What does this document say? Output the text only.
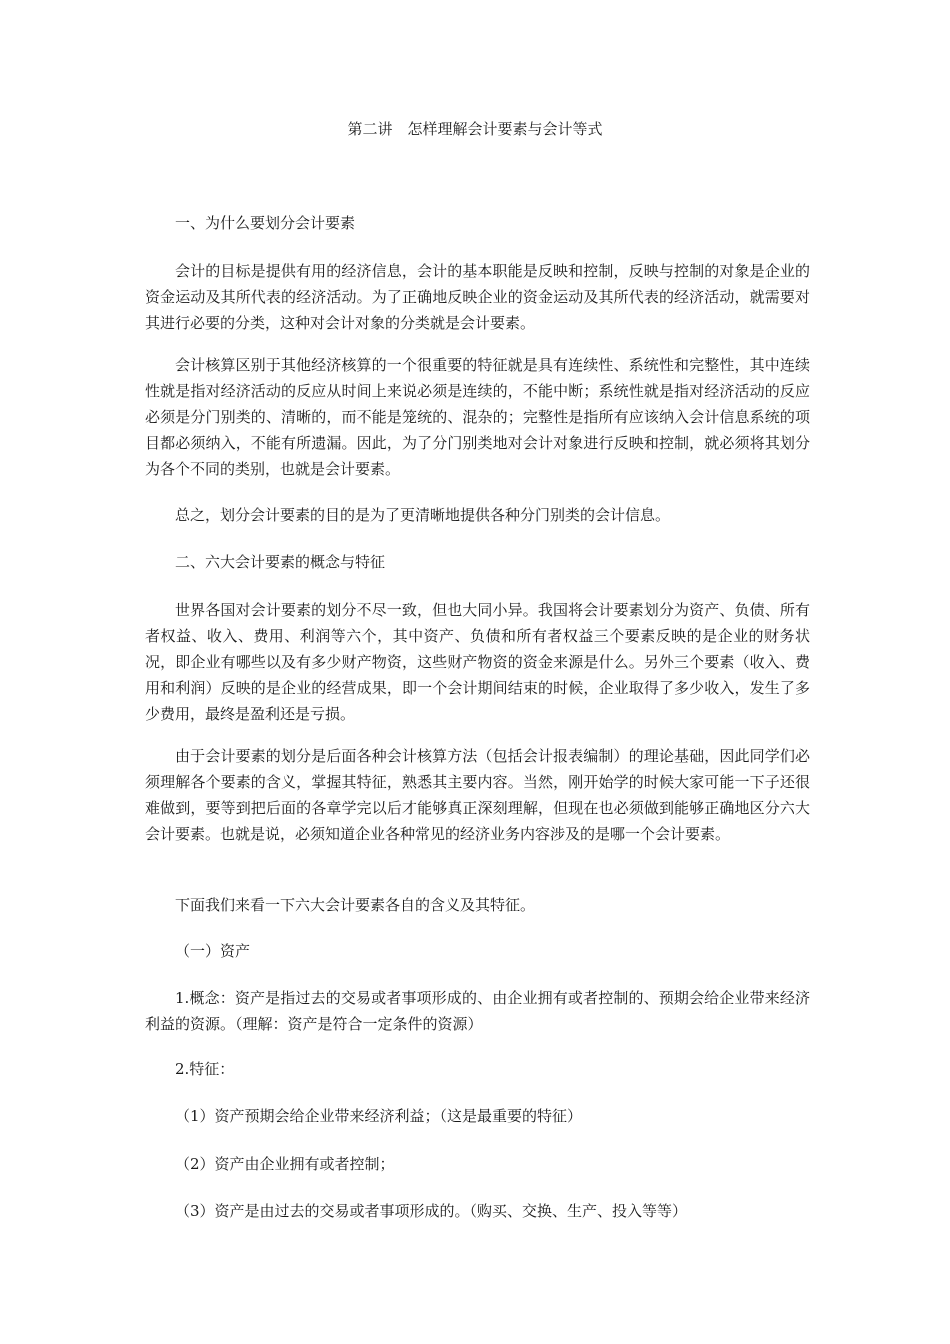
第二讲　怎样理解会计要素与会计等式
一、为什么要划分会计要素
会计的目标是提供有用的经济信息，会计的基本职能是反映和控制，反映与控制的对象是企业的资金运动及其所代表的经济活动。为了正确地反映企业的资金运动及其所代表的经济活动，就需要对其进行必要的分类，这种对会计对象的分类就是会计要素。
会计核算区别于其他经济核算的一个很重要的特征就是具有连续性、系统性和完整性，其中连续性就是指对经济活动的反应从时间上来说必须是连续的，不能中断；系统性就是指对经济活动的反应必须是分门别类的、清晰的，而不能是笼统的、混杂的；完整性是指所有应该纳入会计信息系统的项目都必须纳入，不能有所遗漏。因此，为了分门别类地对会计对象进行反映和控制，就必须将其划分为各个不同的类别，也就是会计要素。
总之，划分会计要素的目的是为了更清晰地提供各种分门别类的会计信息。
二、六大会计要素的概念与特征
世界各国对会计要素的划分不尽一致，但也大同小异。我国将会计要素划分为资产、负债、所有者权益、收入、费用、利润等六个，其中资产、负债和所有者权益三个要素反映的是企业的财务状况，即企业有哪些以及有多少财产物资，这些财产物资的资金来源是什么。另外三个要素（收入、费用和利润）反映的是企业的经营成果，即一个会计期间结束的时候，企业取得了多少收入，发生了多少费用，最终是盈利还是亏损。
由于会计要素的划分是后面各种会计核算方法（包括会计报表编制）的理论基础，因此同学们必须理解各个要素的含义，掌握其特征，熟悉其主要内容。当然，刚开始学的时候大家可能一下子还很难做到，要等到把后面的各章学完以后才能够真正深刻理解，但现在也必须做到能够正确地区分六大会计要素。也就是说，必须知道企业各种常见的经济业务内容涉及的是哪一个会计要素。
下面我们来看一下六大会计要素各自的含义及其特征。
（一）资产
1.概念：资产是指过去的交易或者事项形成的、由企业拥有或者控制的、预期会给企业带来经济利益的资源。（理解：资产是符合一定条件的资源）
2.特征：
（1）资产预期会给企业带来经济利益；（这是最重要的特征）
（2）资产由企业拥有或者控制；
（3）资产是由过去的交易或者事项形成的。（购买、交换、生产、投入等等）
